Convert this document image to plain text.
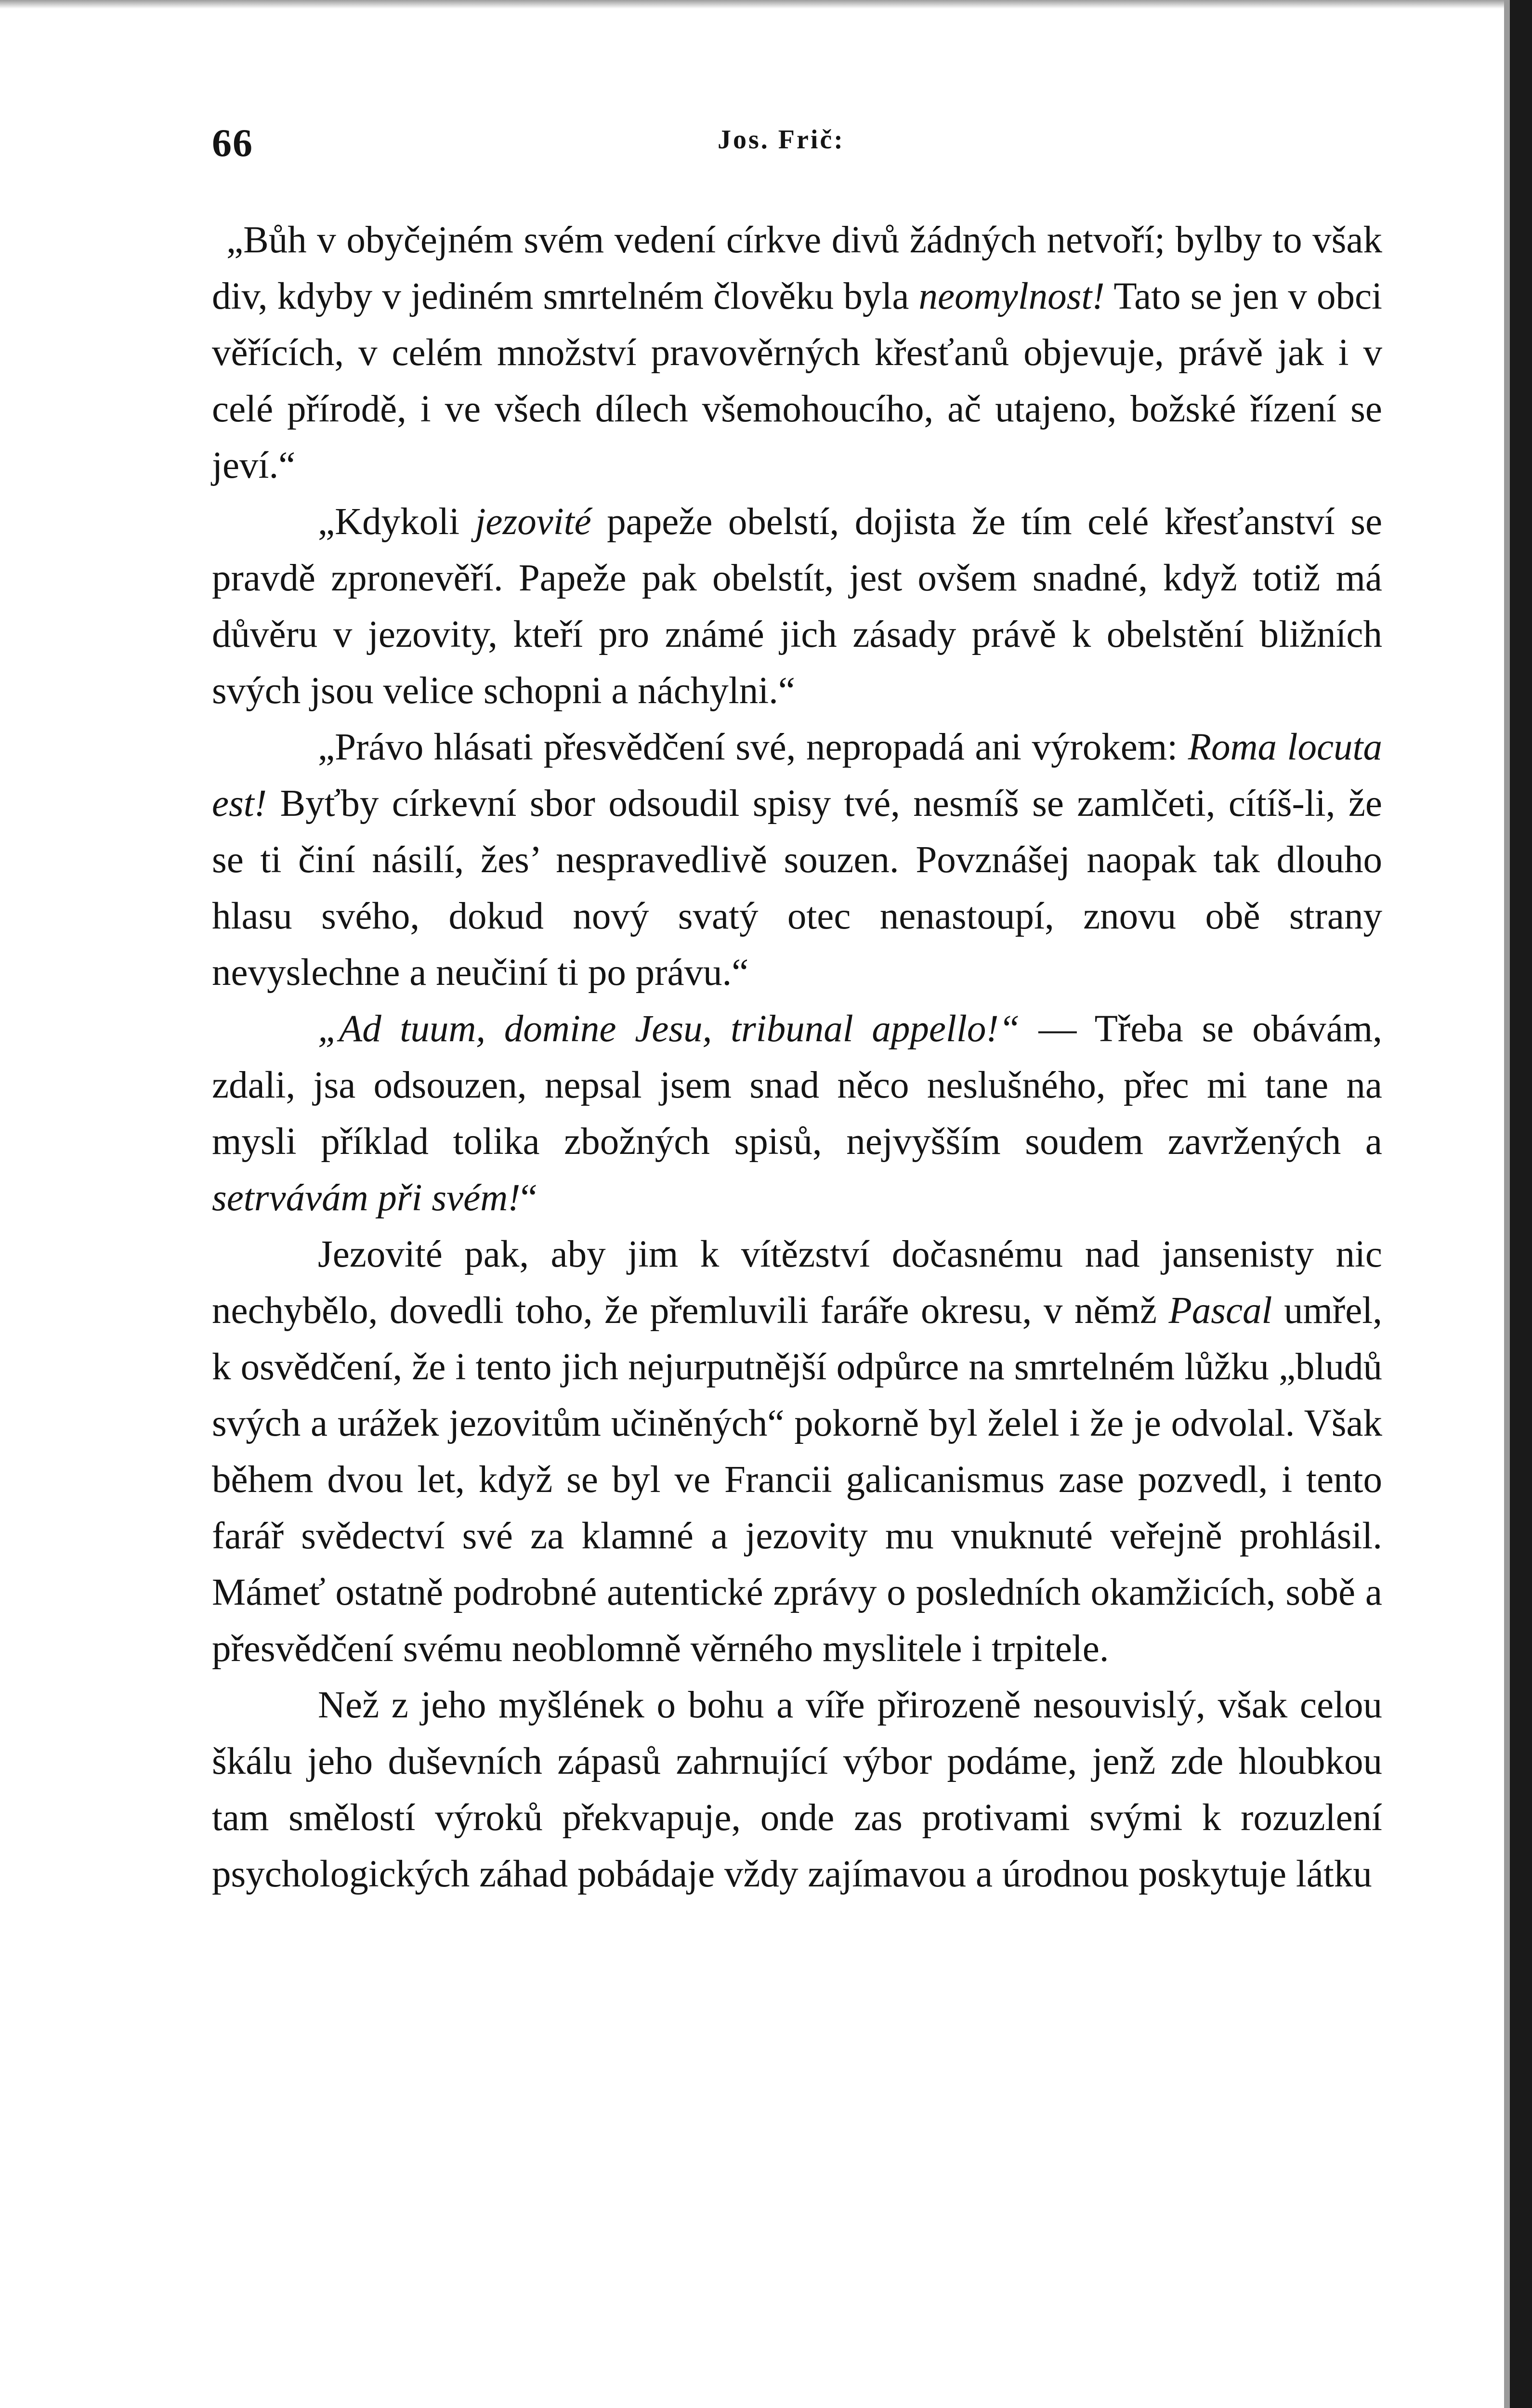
66	Jos. Frič:

„Bůh v obyčejném svém vedení církve divů žádných netvoří; bylby to však div, kdyby v jediném smrtelném člověku byla neomylnost! Tato se jen v obci věřících, v celém množství pravověrných křesťanů objevuje, právě jak i v celé přírodě, i ve všech dílech všemohoucího, ač utajeno, božské řízení se jeví.“

„Kdykoli jezovité papeže obelstí, dojista že tím celé křesťanství se pravdě zpronevěří. Papeže pak obelstít, jest ovšem snadné, když totiž má důvěru v jezovity, kteří pro známé jich zásady právě k obelstění bližních svých jsou velice schopni a náchylni.“

„Právo hlásati přesvědčení své, nepropadá ani výrokem: Roma locuta est! Byťby církevní sbor odsoudil spisy tvé, nesmíš se zamlčeti, cítíš-li, že se ti činí násilí, žes’ nespravedlivě souzen. Povznášej naopak tak dlouho hlasu svého, dokud nový svatý otec nenastoupí, znovu obě strany nevyslechne a neučiní ti po právu.“

„Ad tuum, domine Jesu, tribunal appello!“ — Třeba se obávám, zdali, jsa odsouzen, nepsal jsem snad něco neslušného, přec mi tane na mysli příklad tolika zbožných spisů, nejvyšším soudem zavržených a setrvávám při svém!“

Jezovité pak, aby jim k vítězství dočasnému nad jansenisty nic nechybělo, dovedli toho, že přemluvili faráře okresu, v němž Pascal umřel, k osvědčení, že i tento jich nejurputnější odpůrce na smrtelném lůžku „bludů svých a urážek jezovitům učiněných“ pokorně byl želel i že je odvolal. Však během dvou let, když se byl ve Francii galicanismus zase pozvedl, i tento farář svědectví své za klamné a jezovity mu vnuknuté veřejně prohlásil. Mámeť ostatně podrobné autentické zprávy o posledních okamžicích, sobě a přesvědčení svému neoblomně věrného myslitele i trpitele.

Než z jeho myšlének o bohu a víře přirozeně nesouvislý, však celou škálu jeho duševních zápasů zahrnující výbor podáme, jenž zde hloubkou tam smělostí výroků překvapuje, onde zas protivami svými k rozuzlení psychologických záhad pobádaje vždy zajímavou a úrodnou poskytuje látku
